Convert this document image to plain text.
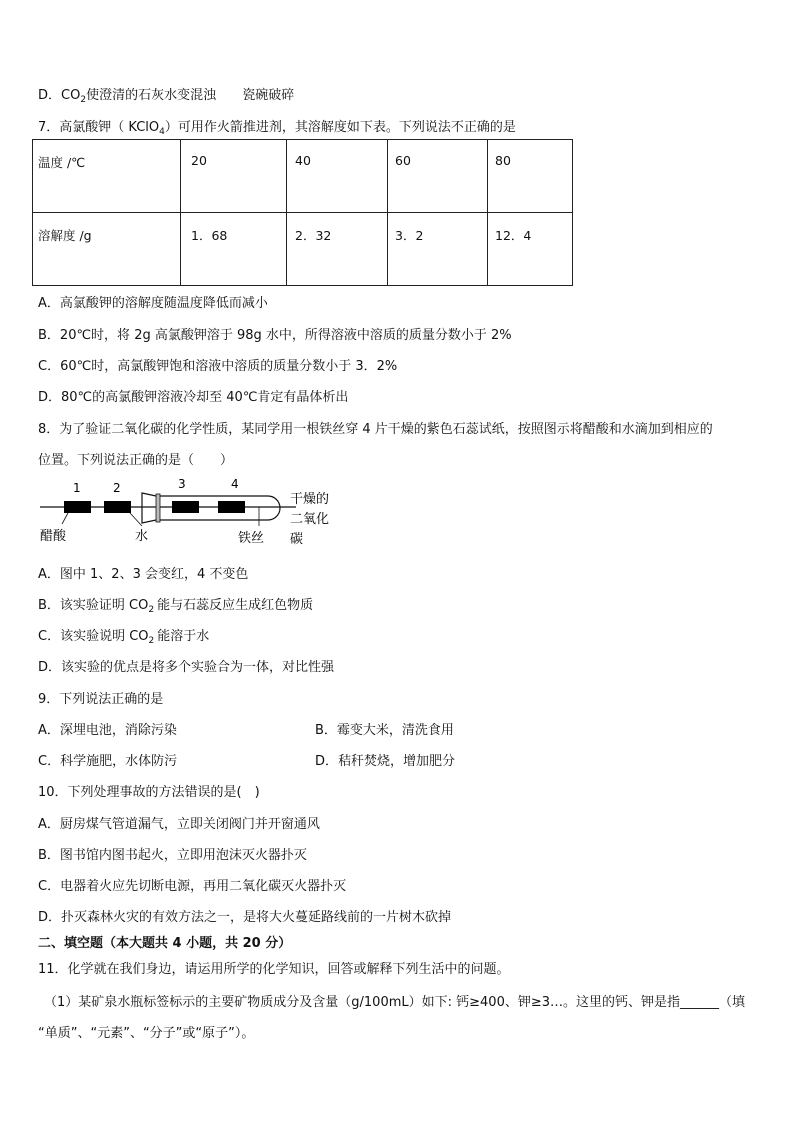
D．$CO_2$使澄清的石灰水变混浊 瓷碗破碎
7．高氯酸钾（ KClO$_4$）可用作火箭推进剂，其溶解度如下表。下列说法不正确的是
温度 /℃	20	40	60	80
溶解度 /g	1．68	2．32	3．2	12．4
A．高氯酸钾的溶解度随温度降低而减小
B．20℃时，将 2g 高氯酸钾溶于 98g 水中，所得溶液中溶质的质量分数小于 2%
C．60℃时，高氯酸钾饱和溶液中溶质的质量分数小于 3．2%
D．80℃的高氯酸钾溶液冷却至 40℃肯定有晶体析出
8．为了验证二氧化碳的化学性质，某同学用一根铁丝穿 4 片干燥的紫色石蕊试纸，按照图示将醋酸和水滴加到相应的
位置。下列说法正确的是（　　）
1	2	3	4
醋酸	水	铁丝
干燥的
二氧化
碳
A．图中 1、2、3 会变红，4 不变色
B．该实验证明 $CO_2$ 能与石蕊反应生成红色物质
C．该实验说明 $CO_2$ 能溶于水
D．该实验的优点是将多个实验合为一体，对比性强
9．下列说法正确的是
A．深埋电池，消除污染	B．霉变大米，清洗食用
C．科学施肥，水体防污	D．秸秆焚烧，增加肥分
10．下列处理事故的方法错误的是(　)
A．厨房煤气管道漏气，立即关闭阀门并开窗通风
B．图书馆内图书起火，立即用泡沫灭火器扑灭
C．电器着火应先切断电源，再用二氧化碳灭火器扑灭
D．扑灭森林火灾的有效方法之一，是将大火蔓延路线前的一片树木砍掉
二、填空题（本大题共 4 小题，共 20 分）
11．化学就在我们身边，请运用所学的化学知识，回答或解释下列生活中的问题。
（1）某矿泉水瓶标签标示的主要矿物质成分及含量（g/100mL）如下: 钙≥400、钾≥3…。这里的钙、钾是指______（填
“单质”、“元素”、“分子”或“原子”）。
